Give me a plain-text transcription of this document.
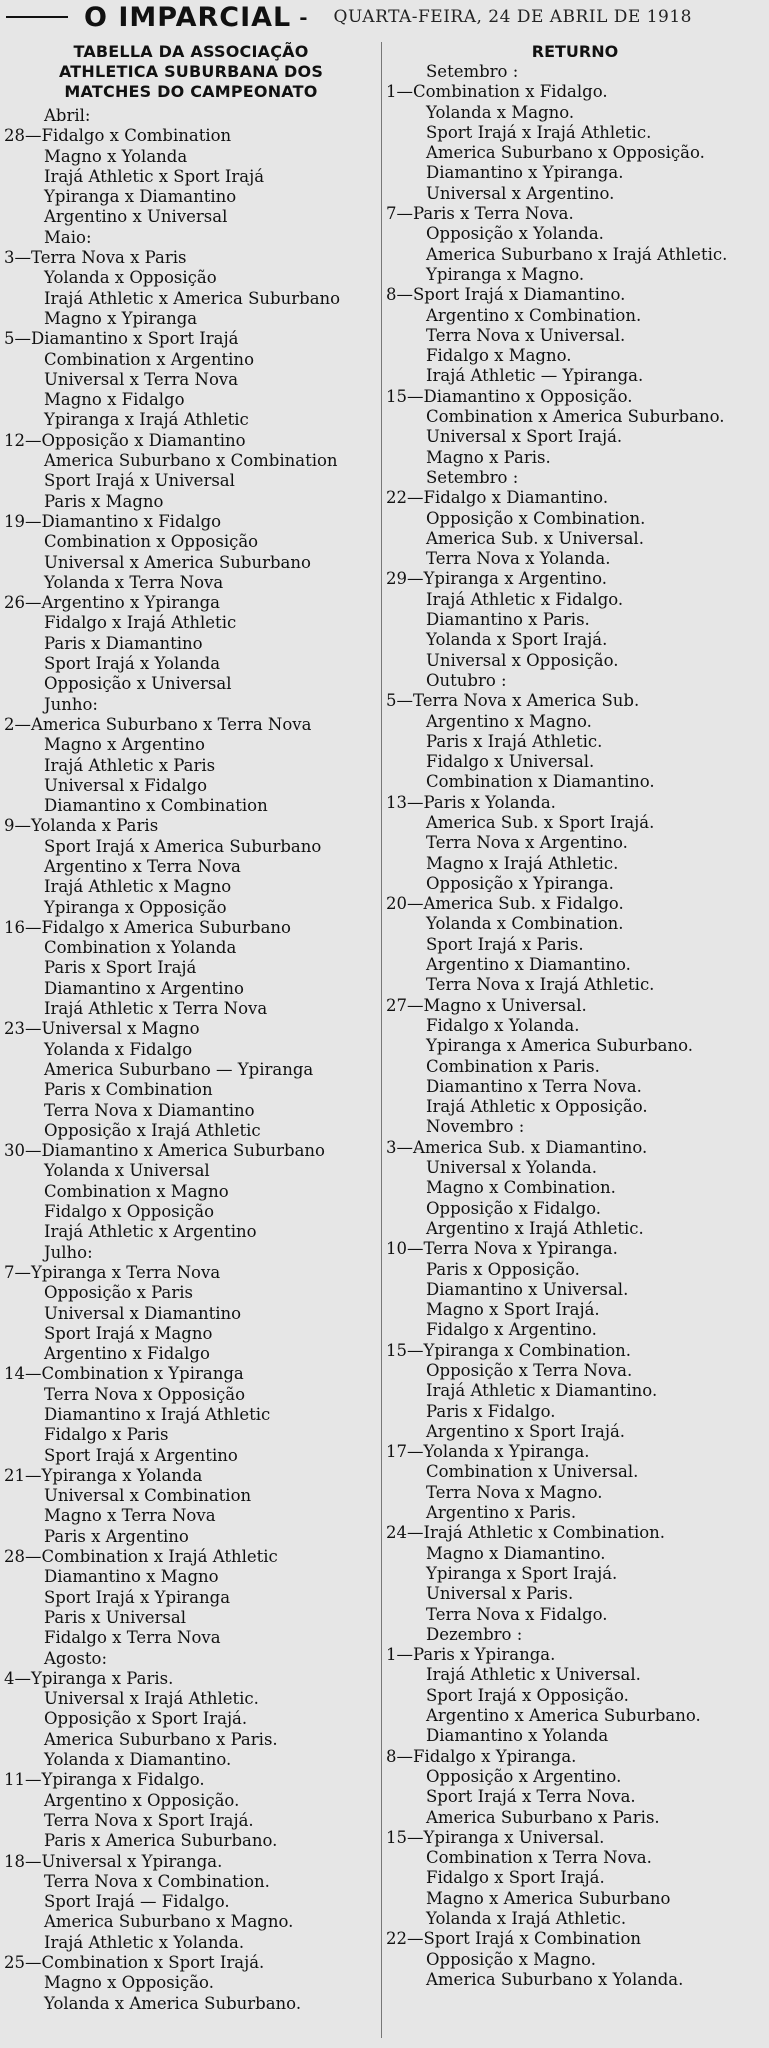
O IMPARCIAL - QUARTA-FEIRA, 24 DE ABRIL DE 1918
TABELLA DA ASSOCIAÇÃO
ATHLETICA SUBURBANA DOS
MATCHES DO CAMPEONATO
Abril:
28—Fidalgo x Combination
Magno x Yolanda
Irajá Athletic x Sport Irajá
Ypiranga x Diamantino
Argentino x Universal
Maio:
3—Terra Nova x Paris
Yolanda x Opposição
Irajá Athletic x America Suburbano
Magno x Ypiranga
5—Diamantino x Sport Irajá
Combination x Argentino
Universal x Terra Nova
Magno x Fidalgo
Ypiranga x Irajá Athletic
12—Opposição x Diamantino
America Suburbano x Combination
Sport Irajá x Universal
Paris x Magno
19—Diamantino x Fidalgo
Combination x Opposição
Universal x America Suburbano
Yolanda x Terra Nova
26—Argentino x Ypiranga
Fidalgo x Irajá Athletic
Paris x Diamantino
Sport Irajá x Yolanda
Opposição x Universal
Junho:
2—America Suburbano x Terra Nova
Magno x Argentino
Irajá Athletic x Paris
Universal x Fidalgo
Diamantino x Combination
9—Yolanda x Paris
Sport Irajá x America Suburbano
Argentino x Terra Nova
Irajá Athletic x Magno
Ypiranga x Opposição
16—Fidalgo x America Suburbano
Combination x Yolanda
Paris x Sport Irajá
Diamantino x Argentino
Irajá Athletic x Terra Nova
23—Universal x Magno
Yolanda x Fidalgo
America Suburbano — Ypiranga
Paris x Combination
Terra Nova x Diamantino
Opposição x Irajá Athletic
30—Diamantino x America Suburbano
Yolanda x Universal
Combination x Magno
Fidalgo x Opposição
Irajá Athletic x Argentino
Julho:
7—Ypiranga x Terra Nova
Opposição x Paris
Universal x Diamantino
Sport Irajá x Magno
Argentino x Fidalgo
14—Combination x Ypiranga
Terra Nova x Opposição
Diamantino x Irajá Athletic
Fidalgo x Paris
Sport Irajá x Argentino
21—Ypiranga x Yolanda
Universal x Combination
Magno x Terra Nova
Paris x Argentino
28—Combination x Irajá Athletic
Diamantino x Magno
Sport Irajá x Ypiranga
Paris x Universal
Fidalgo x Terra Nova
Agosto:
4—Ypiranga x Paris.
Universal x Irajá Athletic.
Opposição x Sport Irajá.
America Suburbano x Paris.
Yolanda x Diamantino.
11—Ypiranga x Fidalgo.
Argentino x Opposição.
Terra Nova x Sport Irajá.
Paris x America Suburbano.
18—Universal x Ypiranga.
Terra Nova x Combination.
Sport Irajá — Fidalgo.
America Suburbano x Magno.
Irajá Athletic x Yolanda.
25—Combination x Sport Irajá.
Magno x Opposição.
Yolanda x America Suburbano.
RETURNO
Setembro :
1—Combination x Fidalgo.
Yolanda x Magno.
Sport Irajá x Irajá Athletic.
America Suburbano x Opposição.
Diamantino x Ypiranga.
Universal x Argentino.
7—Paris x Terra Nova.
Opposição x Yolanda.
America Suburbano x Irajá Athletic.
Ypiranga x Magno.
8—Sport Irajá x Diamantino.
Argentino x Combination.
Terra Nova x Universal.
Fidalgo x Magno.
Irajá Athletic — Ypiranga.
15—Diamantino x Opposição.
Combination x America Suburbano.
Universal x Sport Irajá.
Magno x Paris.
Setembro :
22—Fidalgo x Diamantino.
Opposição x Combination.
America Sub. x Universal.
Terra Nova x Yolanda.
29—Ypiranga x Argentino.
Irajá Athletic x Fidalgo.
Diamantino x Paris.
Yolanda x Sport Irajá.
Universal x Opposição.
Outubro :
5—Terra Nova x America Sub.
Argentino x Magno.
Paris x Irajá Athletic.
Fidalgo x Universal.
Combination x Diamantino.
13—Paris x Yolanda.
America Sub. x Sport Irajá.
Terra Nova x Argentino.
Magno x Irajá Athletic.
Opposição x Ypiranga.
20—America Sub. x Fidalgo.
Yolanda x Combination.
Sport Irajá x Paris.
Argentino x Diamantino.
Terra Nova x Irajá Athletic.
27—Magno x Universal.
Fidalgo x Yolanda.
Ypiranga x America Suburbano.
Combination x Paris.
Diamantino x Terra Nova.
Irajá Athletic x Opposição.
Novembro :
3—America Sub. x Diamantino.
Universal x Yolanda.
Magno x Combination.
Opposição x Fidalgo.
Argentino x Irajá Athletic.
10—Terra Nova x Ypiranga.
Paris x Opposição.
Diamantino x Universal.
Magno x Sport Irajá.
Fidalgo x Argentino.
15—Ypiranga x Combination.
Opposição x Terra Nova.
Irajá Athletic x Diamantino.
Paris x Fidalgo.
Argentino x Sport Irajá.
17—Yolanda x Ypiranga.
Combination x Universal.
Terra Nova x Magno.
Argentino x Paris.
24—Irajá Athletic x Combination.
Magno x Diamantino.
Ypiranga x Sport Irajá.
Universal x Paris.
Terra Nova x Fidalgo.
Dezembro :
1—Paris x Ypiranga.
Irajá Athletic x Universal.
Sport Irajá x Opposição.
Argentino x America Suburbano.
Diamantino x Yolanda
8—Fidalgo x Ypiranga.
Opposição x Argentino.
Sport Irajá x Terra Nova.
America Suburbano x Paris.
15—Ypiranga x Universal.
Combination x Terra Nova.
Fidalgo x Sport Irajá.
Magno x America Suburbano
Yolanda x Irajá Athletic.
22—Sport Irajá x Combination
Opposição x Magno.
America Suburbano x Yolanda.
